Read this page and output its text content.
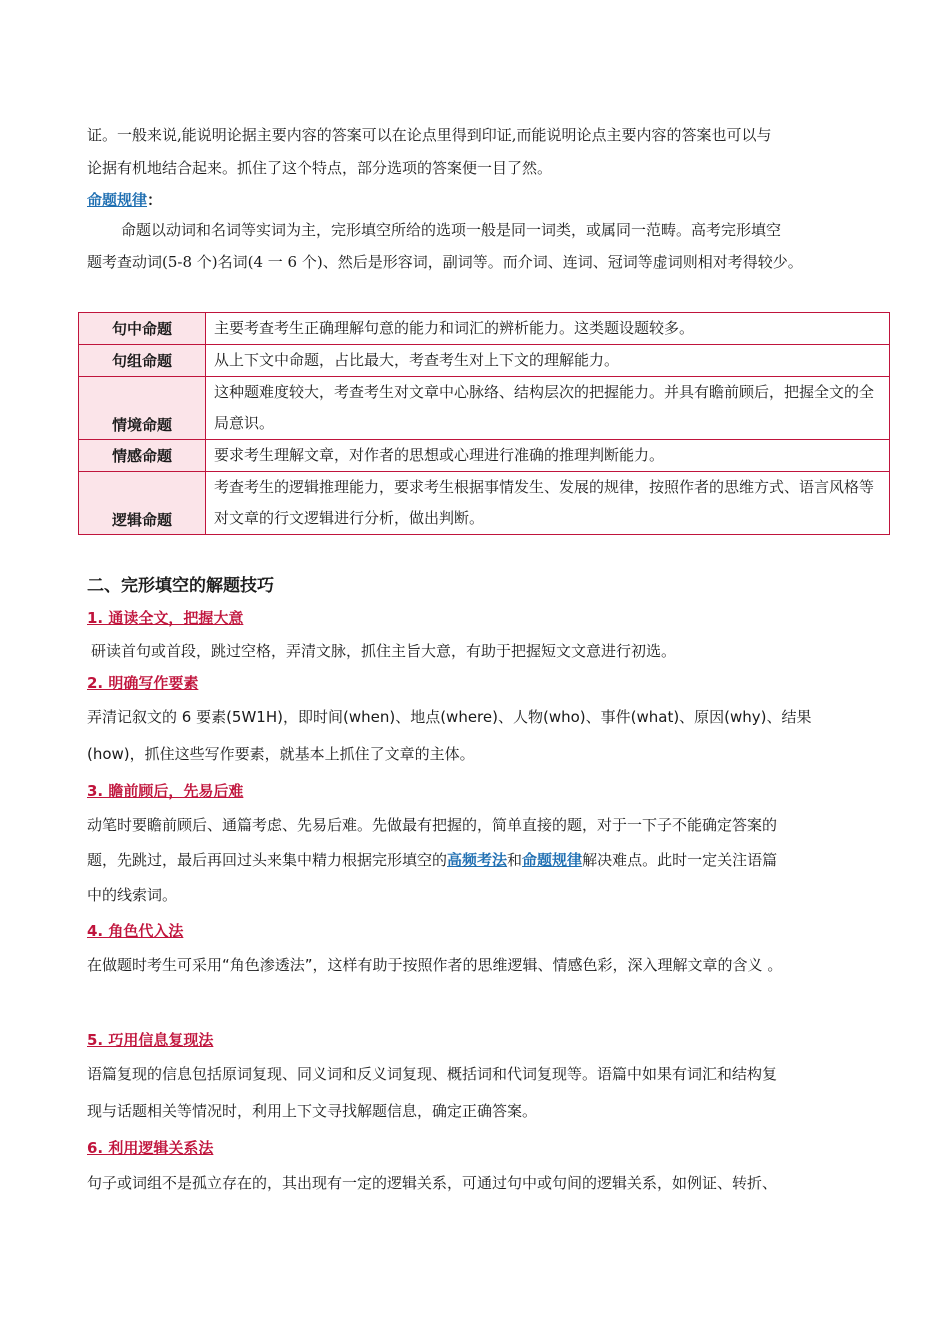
证。一般来说,能说明论据主要内容的答案可以在论点里得到印证,而能说明论点主要内容的答案也可以与
论据有机地结合起来。抓住了这个特点，部分选项的答案便一目了然。
命题规律：
命题以动词和名词等实词为主，完形填空所给的选项一般是同一词类，或属同一范畴。高考完形填空
题考查动词(5-8 个)名词(4 一 6 个)、然后是形容词，副词等。而介词、连词、冠词等虚词则相对考得较少。
句中命题	主要考查考生正确理解句意的能力和词汇的辨析能力。这类题设题较多。
句组命题	从上下文中命题，占比最大，考查考生对上下文的理解能力。
情境命题	这种题难度较大，考查考生对文章中心脉络、结构层次的把握能力。并具有瞻前顾后，把握全文的全局意识。
情感命题	要求考生理解文章，对作者的思想或心理进行准确的推理判断能力。
逻辑命题	考查考生的逻辑推理能力，要求考生根据事情发生、发展的规律，按照作者的思维方式、语言风格等对文章的行文逻辑进行分析，做出判断。
二、完形填空的解题技巧
1. 通读全文，把握大意
研读首句或首段，跳过空格，弄清文脉，抓住主旨大意，有助于把握短文文意进行初选。
2. 明确写作要素
弄清记叙文的 6 要素(5W1H)，即时间(when)、地点(where)、人物(who)、事件(what)、原因(why)、结果
(how)，抓住这些写作要素，就基本上抓住了文章的主体。
3. 瞻前顾后，先易后难
动笔时要瞻前顾后、通篇考虑、先易后难。先做最有把握的，简单直接的题，对于一下子不能确定答案的
题，先跳过，最后再回过头来集中精力根据完形填空的高频考法和命题规律解决难点。此时一定关注语篇
中的线索词。
4. 角色代入法
在做题时考生可采用“角色渗透法”，这样有助于按照作者的思维逻辑、情感色彩，深入理解文章的含义 。
5. 巧用信息复现法
语篇复现的信息包括原词复现、同义词和反义词复现、概括词和代词复现等。语篇中如果有词汇和结构复
现与话题相关等情况时，利用上下文寻找解题信息，确定正确答案。
6. 利用逻辑关系法
句子或词组不是孤立存在的，其出现有一定的逻辑关系，可通过句中或句间的逻辑关系，如例证、转折、
